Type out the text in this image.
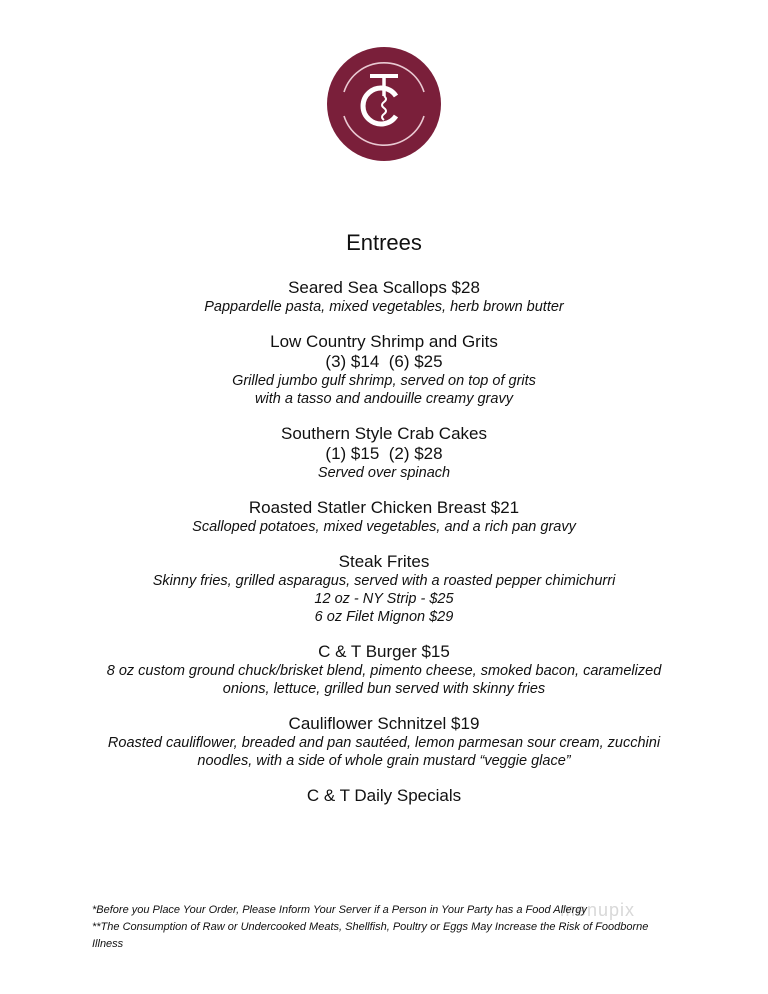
Entrees
Seared Sea Scallops $28
Pappardelle pasta, mixed vegetables, herb brown butter
Low Country Shrimp and Grits
(3) $14  (6) $25
Grilled jumbo gulf shrimp, served on top of grits
with a tasso and andouille creamy gravy
Southern Style Crab Cakes
(1) $15  (2) $28
Served over spinach
Roasted Statler Chicken Breast $21
Scalloped potatoes, mixed vegetables, and a rich pan gravy
Steak Frites
Skinny fries, grilled asparagus, served with a roasted pepper chimichurri
12 oz - NY Strip - $25
6 oz Filet Mignon $29
C & T Burger $15
8 oz custom ground chuck/brisket blend, pimento cheese, smoked bacon, caramelized
onions, lettuce, grilled bun served with skinny fries
Cauliflower Schnitzel $19
Roasted cauliflower, breaded and pan sautéed, lemon parmesan sour cream, zucchini
noodles, with a side of whole grain mustard “veggie glace”
C & T Daily Specials
menupix
*Before you Place Your Order, Please Inform Your Server if a Person in Your Party has a Food Allergy
**The Consumption of Raw or Undercooked Meats, Shellfish, Poultry or Eggs May Increase the Risk of Foodborne
Illness
